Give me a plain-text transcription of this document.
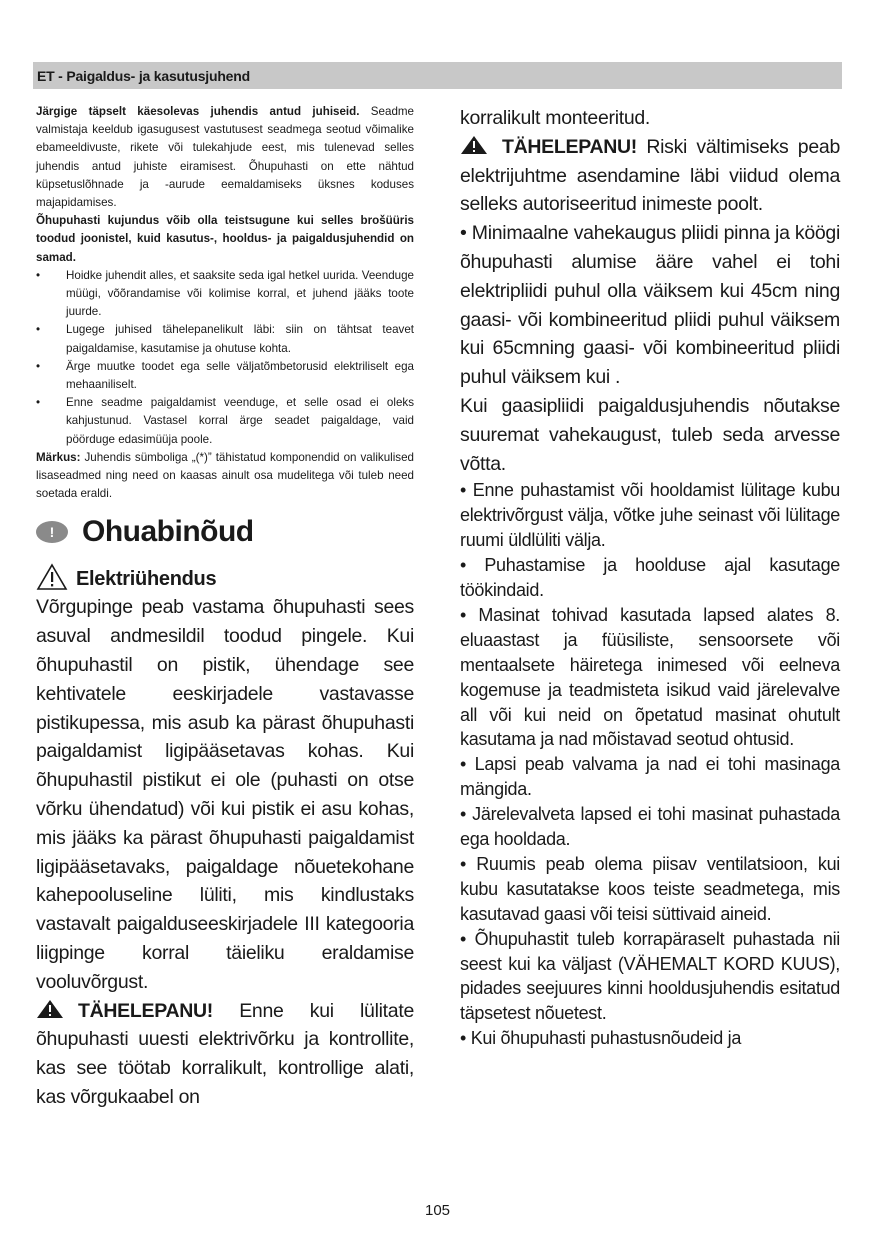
ET - Paigaldus- ja kasutusjuhend

Järgige täpselt käesolevas juhendis antud juhiseid. Seadme valmistaja keeldub igasugusest vastutusest seadmega seotud võimalike ebameeldivuste, rikete või tulekahjude eest, mis tulenevad selles juhendis antud juhiste eiramisest. Õhupuhasti on ette nähtud küpsetuslõhnade ja -aurude eemaldamiseks üksnes koduses majapidamises.

Õhupuhasti kujundus võib olla teistsugune kui selles brošüüris toodud joonistel, kuid kasutus-, hooldus- ja paigaldusjuhendid on samad.

• Hoidke juhendit alles, et saaksite seda igal hetkel uurida. Veenduge müügi, võõrandamise või kolimise korral, et juhend jääks toote juurde.
• Lugege juhised tähelepanelikult läbi: siin on tähtsat teavet paigaldamise, kasutamise ja ohutuse kohta.
• Ärge muutke toodet ega selle väljatõmbetorusid elektriliselt ega mehaaniliselt.
• Enne seadme paigaldamist veenduge, et selle osad ei oleks kahjustunud. Vastasel korral ärge seadet paigaldage, vaid pöörduge edasimüüja poole.

Märkus: Juhendis sümboliga „(*)” tähistatud komponendid on valikulised lisaseadmed ning need on kaasas ainult osa mudelitega või tuleb need soetada eraldi.

! Ohuabinõud
Elektriühendus

Võrgupinge peab vastama õhupuhasti sees asuval andmesildil toodud pingele. Kui õhupuhastil on pistik, ühendage see kehtivatele eeskirjadele vastavasse pistikupessa, mis asub ka pärast õhupuhasti paigaldamist ligipääsetavas kohas. Kui õhupuhastil pistikut ei ole (puhasti on otse võrku ühendatud) või kui pistik ei asu kohas, mis jääks ka pärast õhupuhasti paigaldamist ligipääsetavaks, paigaldage nõuetekohane kahepooluseline lüliti, mis kindlustaks vastavalt paigalduseeskirjadele III kategooria liigpinge korral täieliku eraldamise vooluvõrgust.

TÄHELEPANU! Enne kui lülitate õhupuhasti uuesti elektrivõrku ja kontrollite, kas see töötab korralikult, kontrollige alati, kas võrgukaabel on

korralikult monteeritud.

TÄHELEPANU! Riski vältimiseks peab elektrijuhtme asendamine läbi viidud olema selleks autoriseeritud inimeste poolt.

• Minimaalne vahekaugus pliidi pinna ja köögi õhupuhasti alumise ääre vahel ei tohi elektripliidi puhul olla väiksem kui 45cm ning gaasi- või kombineeritud pliidi puhul väiksem kui 65cmning gaasi- või kombineeritud pliidi puhul väiksem kui .

Kui gaasipliidi paigaldusjuhendis nõutakse suuremat vahekaugust, tuleb seda arvesse võtta.

• Enne puhastamist või hooldamist lülitage kubu elektrivõrgust välja, võtke juhe seinast või lülitage ruumi üldlüliti välja.

• Puhastamise ja hoolduse ajal kasutage töökindaid.

• Masinat tohivad kasutada lapsed alates 8. eluaastast ja füüsiliste, sensoorsete või mentaalsete häiretega inimesed või eelneva kogemuse ja teadmisteta isikud vaid järelevalve all või kui neid on õpetatud masinat ohutult kasutama ja nad mõistavad seotud ohtusid.

• Lapsi peab valvama ja nad ei tohi masinaga mängida.

• Järelevalveta lapsed ei tohi masinat puhastada ega hooldada.

• Ruumis peab olema piisav ventilatsioon, kui kubu kasutatakse koos teiste seadmetega, mis kasutavad gaasi või teisi süttivaid aineid.

• Õhupuhastit tuleb korrapäraselt puhastada nii seest kui ka väljast (VÄHEMALT KORD KUUS), pidades seejuures kinni hooldusjuhendis esitatud täpsetest nõuetest.

• Kui õhupuhasti puhastusnõudeid ja

105
